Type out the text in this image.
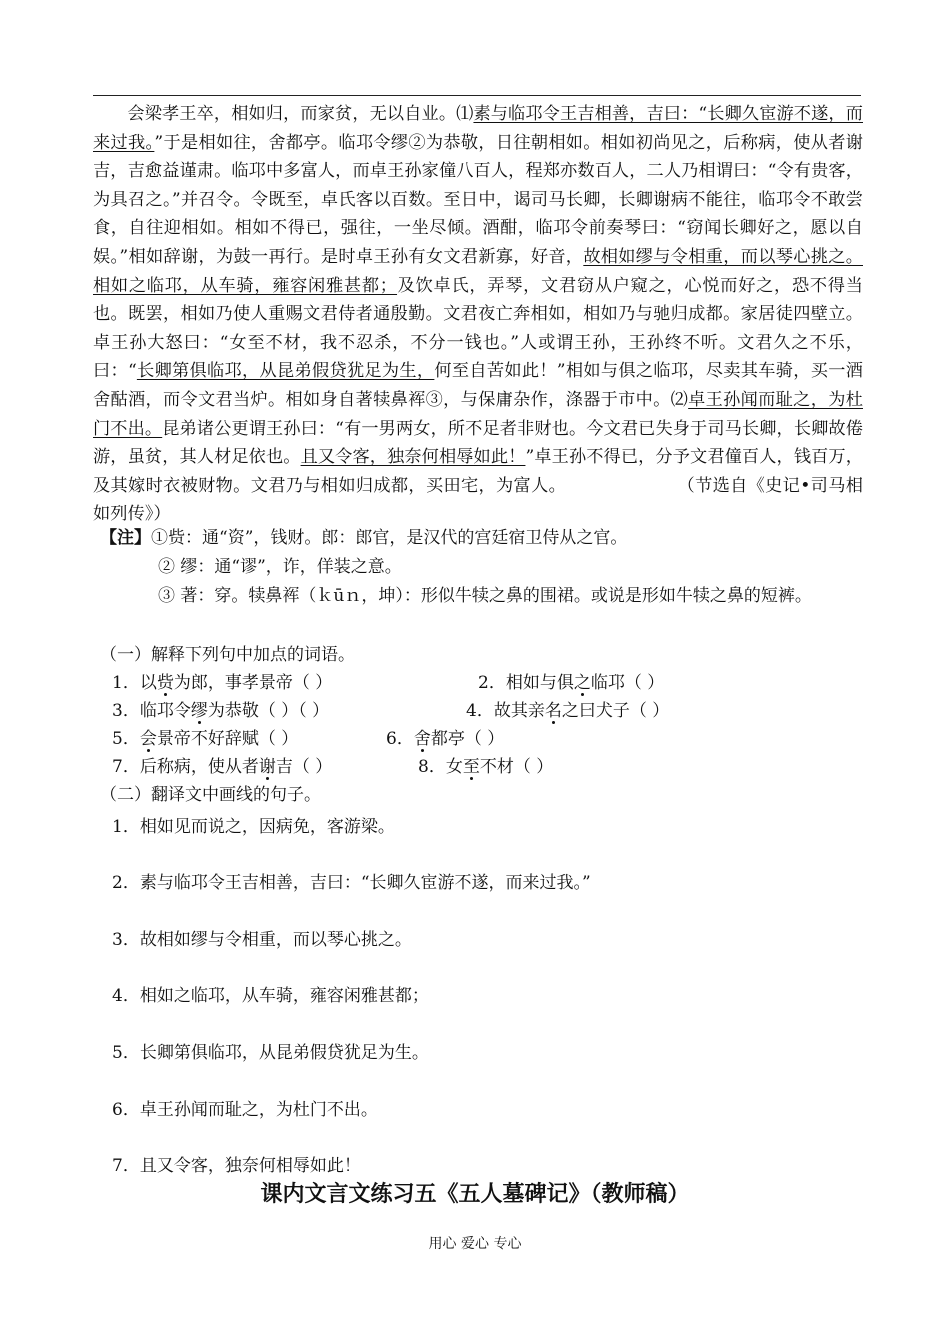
会梁孝王卒，相如归，而家贫，无以自业。⑴素与临邛令王吉相善，吉曰：“长卿久宦游不遂，而来过我。”于是相如往，舍都亭。临邛令缪②为恭敬，日往朝相如。相如初尚见之，后称病，使从者谢吉，吉愈益谨肃。临邛中多富人，而卓王孙家僮八百人，程郑亦数百人，二人乃相谓曰：“令有贵客，为具召之。”并召令。令既至，卓氏客以百数。至日中，谒司马长卿，长卿谢病不能往，临邛令不敢尝食，自往迎相如。相如不得已，强往，一坐尽倾。酒酣，临邛令前奏琴曰：“窃闻长卿好之，愿以自娱。”相如辞谢，为鼓一再行。是时卓王孙有女文君新寡，好音，故相如缪与令相重，而以琴心挑之。相如之临邛，从车骑，雍容闲雅甚都；及饮卓氏，弄琴，文君窃从户窥之，心悦而好之，恐不得当也。既罢，相如乃使人重赐文君侍者通殷勤。文君夜亡奔相如，相如乃与驰归成都。家居徒四壁立。卓王孙大怒曰：“女至不材，我不忍杀，不分一钱也。”人或谓王孙，王孙终不听。文君久之不乐，曰：“长卿第俱临邛，从昆弟假贷犹足为生，何至自苦如此！”相如与俱之临邛，尽卖其车骑，买一酒舍酤酒，而令文君当炉。相如身自著犊鼻裈③，与保庸杂作，涤器于市中。⑵卓王孙闻而耻之，为杜门不出。昆弟诸公更谓王孙曰：“有一男两女，所不足者非财也。今文君已失身于司马长卿，长卿故倦游，虽贫，其人材足依也。且又令客，独奈何相辱如此！”卓王孙不得已，分予文君僮百人，钱百万，及其嫁时衣被财物。文君乃与相如归成都，买田宅，为富人。	（节选自《史记•司马相如列传》）

【注】①赀：通“资”，钱财。郎：郎官，是汉代的宫廷宿卫侍从之官。
② 缪：通“谬”，诈，佯装之意。
③ 著：穿。犊鼻裈（ｋūｎ，坤）：形似牛犊之鼻的围裙。或说是形如牛犊之鼻的短裤。
（一）解释下列句中加点的词语。
1．以赀为郎，事孝景帝（ ）	2．相如与俱之临邛（ ）
3．临邛令缪为恭敬（ ）（ ）	4．故其亲名之曰犬子（ ）
5．会景帝不好辞赋（ ）	6．舍都亭（ ）
7．后称病，使从者谢吉（ ）	8．女至不材（ ）
（二）翻译文中画线的句子。
1．相如见而说之，因病免，客游梁。
2．素与临邛令王吉相善，吉曰：“长卿久宦游不遂，而来过我。”
3．故相如缪与令相重，而以琴心挑之。
4．相如之临邛，从车骑，雍容闲雅甚都；
5．长卿第俱临邛，从昆弟假贷犹足为生。
6．卓王孙闻而耻之，为杜门不出。
7．且又令客，独奈何相辱如此！
课内文言文练习五《五人墓碑记》（教师稿）
用心 爱心 专心
